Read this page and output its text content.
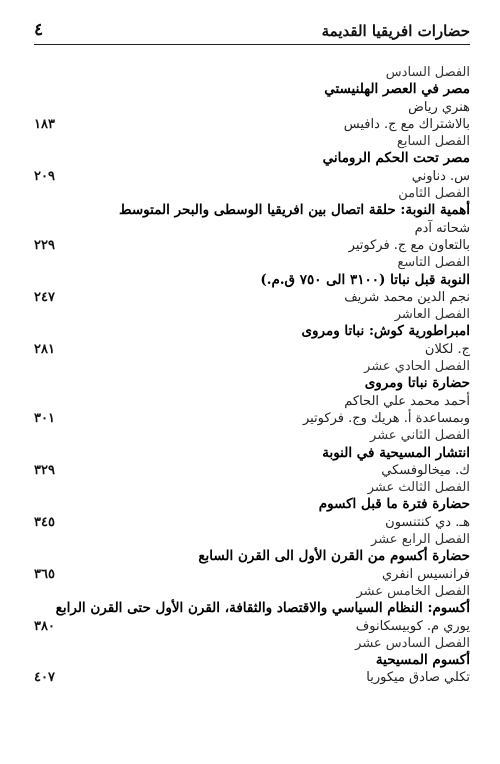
حضارات افريقيا القديمة
٤
الفصل السادس
مصر في العصر الهلنيستي
هنري رياض
بالاشتراك مع ج. دافيس
١٨٣
الفصل السابع
مصر تحت الحكم الروماني
س. دناوني
٢٠٩
الفصل الثامن
أهمية النوبة: حلقة اتصال بين افريقيا الوسطى والبحر المتوسط
شحاته آدم
بالتعاون مع ج. فركوتير
٢٢٩
الفصل التاسع
النوبة قبل نباتا (٣١٠٠ الى ٧٥٠ ق.م.)
نجم الدين محمد شريف
٢٤٧
الفصل العاشر
امبراطورية كوش: نباتا ومروى
ج. لكلان
٢٨١
الفصل الحادي عشر
حضارة نباتا ومروى
أحمد محمد علي الحاكم
وبمساعدة أ. هريك وج. فركوتير
٣٠١
الفصل الثاني عشر
انتشار المسيحية في النوبة
ك. ميخالوفسكي
٣٢٩
الفصل الثالث عشر
حضارة فترة ما قبل اكسوم
هـ. دي كنتنسون
٣٤٥
الفصل الرابع عشر
حضارة أكسوم من القرن الأول الى القرن السابع
فرانسيس انفري
٣٦٥
الفصل الخامس عشر
أكسوم: النظام السياسي والاقتصاد والثقافة، القرن الأول حتى القرن الرابع
يوري م. كوبيسكانوف
٣٨٠
الفصل السادس عشر
أكسوم المسيحية
تكلي صادق ميكوريا
٤٠٧
